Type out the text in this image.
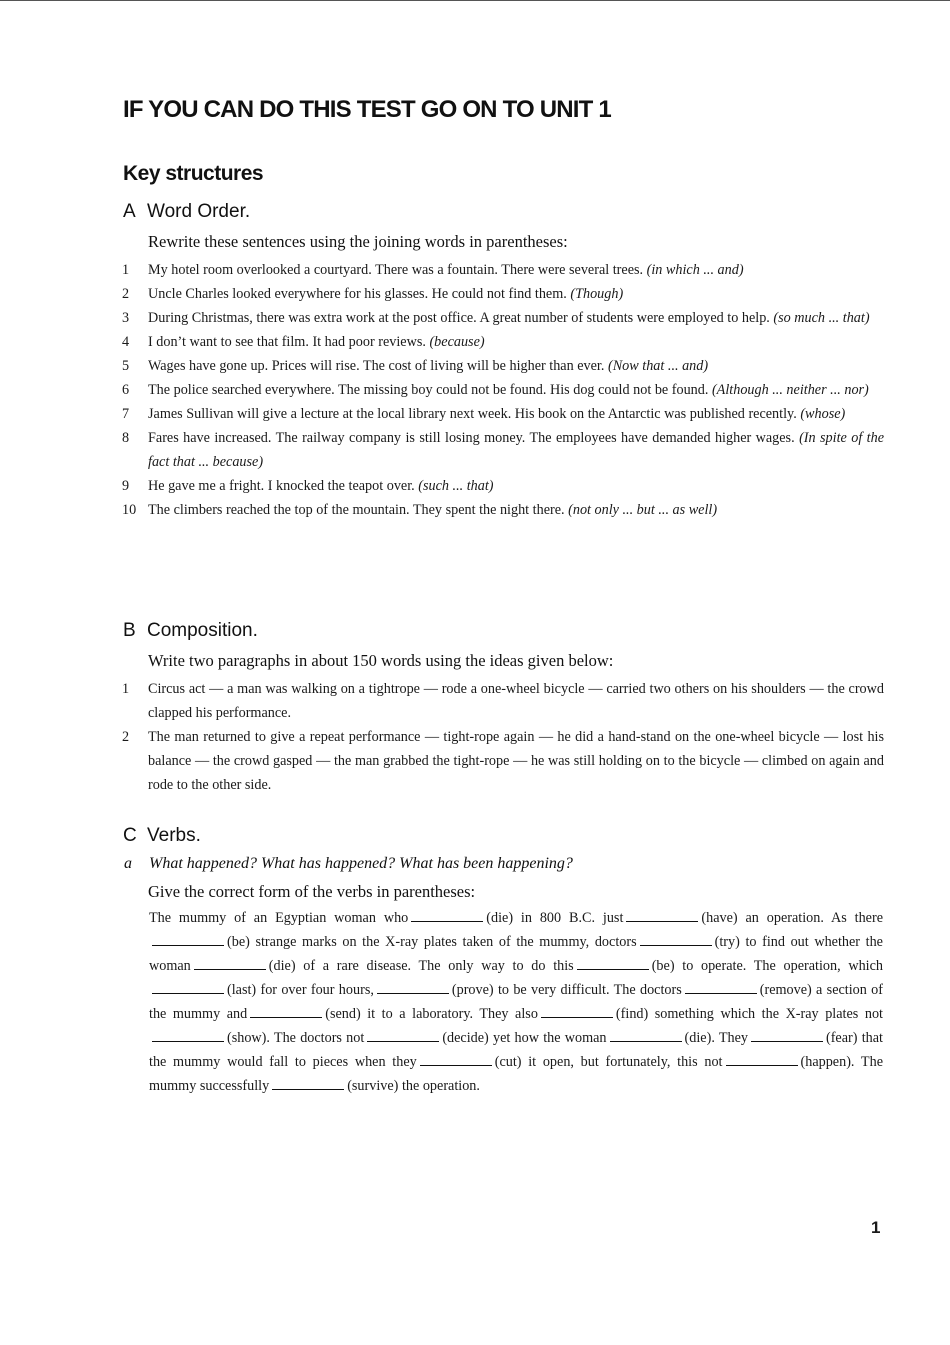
IF YOU CAN DO THIS TEST GO ON TO UNIT 1
Key structures
A Word Order.
Rewrite these sentences using the joining words in parentheses:
1	My hotel room overlooked a courtyard. There was a fountain. There were several trees. (in which ... and)
2	Uncle Charles looked everywhere for his glasses. He could not find them. (Though)
3	During Christmas, there was extra work at the post office. A great number of students were employed to help. (so much ... that)
4	I don’t want to see that film. It had poor reviews. (because)
5	Wages have gone up. Prices will rise. The cost of living will be higher than ever. (Now that ... and)
6	The police searched everywhere. The missing boy could not be found. His dog could not be found. (Although ... neither ... nor)
7	James Sullivan will give a lecture at the local library next week. His book on the Antarctic was published recently. (whose)
8	Fares have increased. The railway company is still losing money. The employees have demanded higher wages. (In spite of the fact that ... because)
9	He gave me a fright. I knocked the teapot over. (such ... that)
10 The climbers reached the top of the mountain. They spent the night there. (not only ... but ... as well)
B Composition.
Write two paragraphs in about 150 words using the ideas given below:
1	Circus act — a man was walking on a tightrope — rode a one-wheel bicycle — carried two others on his shoulders — the crowd clapped his performance.
2	The man returned to give a repeat performance — tight-rope again — he did a hand-stand on the one-wheel bicycle — lost his balance — the crowd gasped — the man grabbed the tight-rope — he was still holding on to the bicycle — climbed on again and rode to the other side.
C Verbs.
a What happened? What has happened? What has been happening?
Give the correct form of the verbs in parentheses:
The mummy of an Egyptian woman who	(die) in 800 B.C. just	(have) an operation. As there(be) strange marks on the X-ray plates taken of the mummy, doctors	(try) to find out whether the woman	(die) of a rare disease. The only way to do this	(be) to operate. The operation, which(last) for over four hours,	(prove) to be very difficult. The doctors	(remove) a section of the mummy and	(send) it to a laboratory. They also	(find) something which the X-ray plates not(show). The doctors not	(decide) yet how the woman	(die). They	(fear) that the mummy would fall to pieces when they	(cut) it open, but fortunately, this not	(happen). The mummy successfully	(survive) the operation.
1
